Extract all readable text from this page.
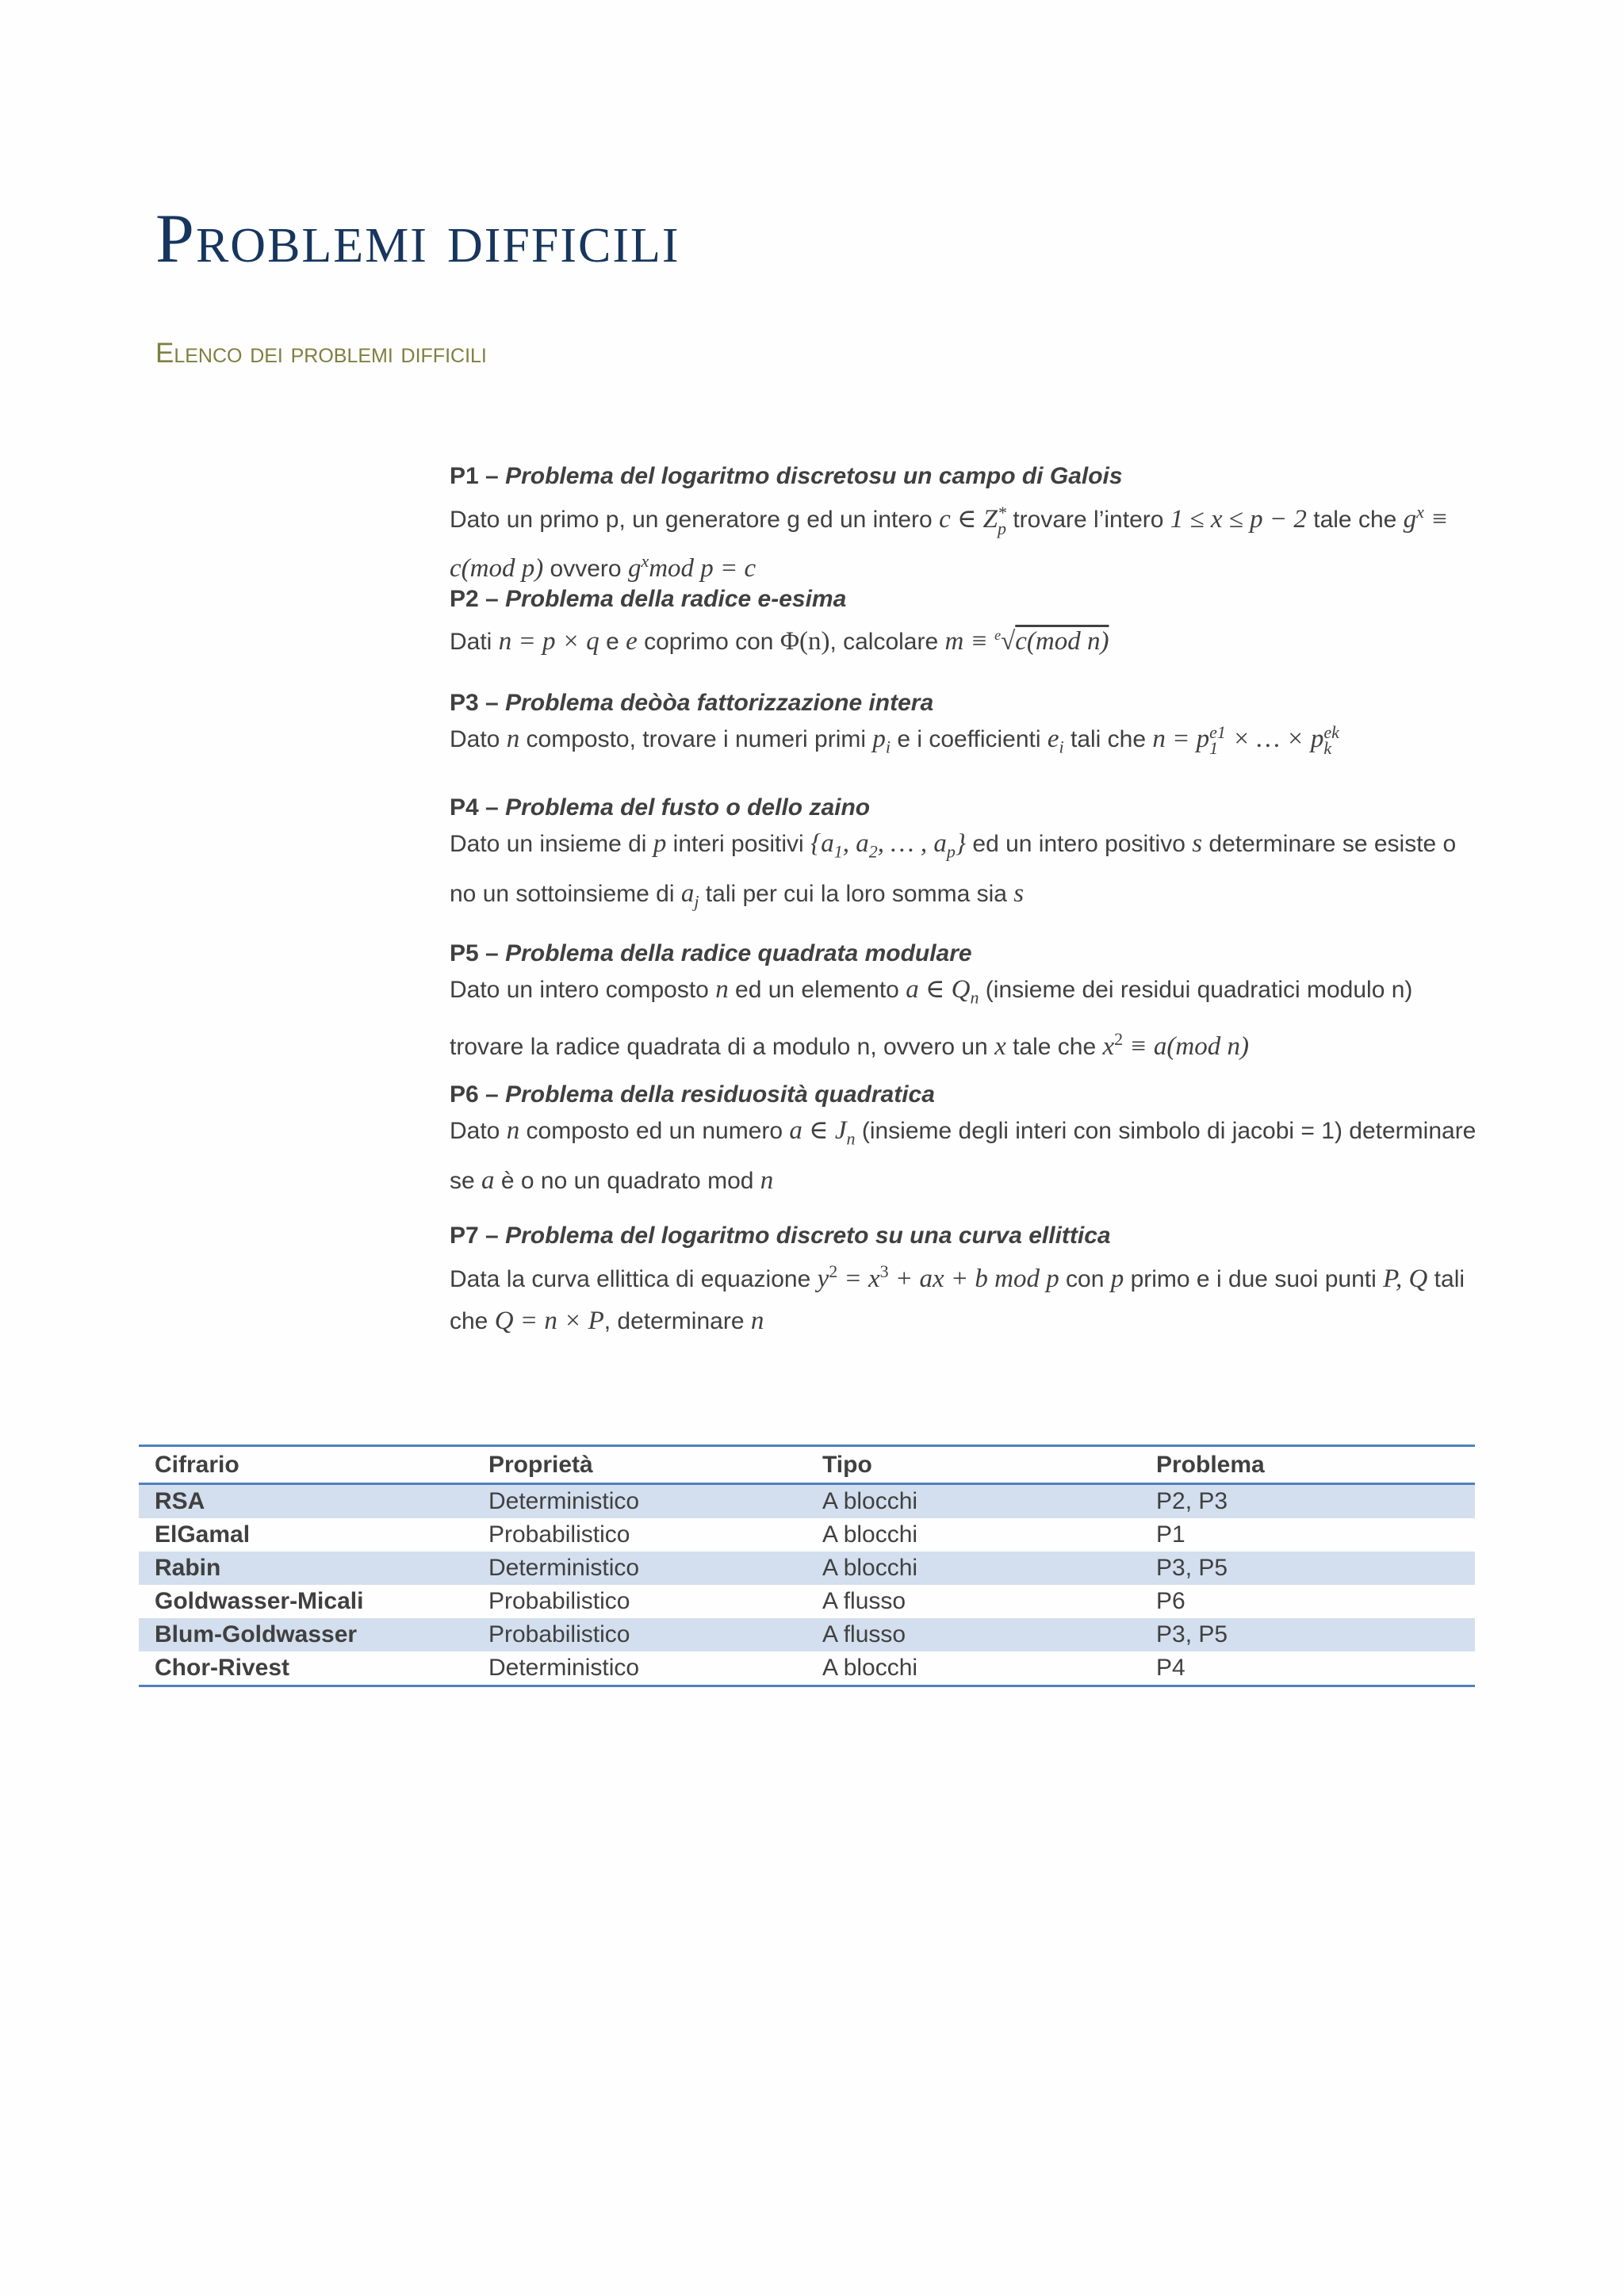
Problemi difficili
Elenco dei problemi difficili
P1 – Problema del logaritmo discretosu un campo di Galois
Dato un primo p, un generatore g ed un intero c ∈ Z *
p trovare l’intero 1 ≤ x ≤ p − 2 tale che $g^x \equiv c(mod$ p) ovvero $g^xmod$ p = c
P2 – Problema della radice e-esima
Dati n = p × q e e coprimo con Φ(n), calcolare m ≡ $^e$√c(mod n)
P3 – Problema deòòa fattorizzazione intera
Dato n composto, trovare i numeri primi $p_i$ e i coefficienti $e_i$ tali che n = p e1
1 × … × p ek
k
P4 – Problema del fusto o dello zaino
Dato un insieme di p interi positivi {$a_1$, $a_2$, … , $a_p$} ed un intero positivo s determinare se esiste o no un sottoinsieme di $a_j$ tali per cui la loro somma sia s
P5 – Problema della radice quadrata modulare
Dato un intero composto n ed un elemento a ∈ $Q_n$ (insieme dei residui quadratici modulo n) trovare la radice quadrata di a modulo n, ovvero un x tale che $x^2 \equiv a(mod$ n)
P6 – Problema della residuosità quadratica
Dato n composto ed un numero a ∈ $J_n$ (insieme degli interi con simbolo di jacobi = 1) determinare se a è o no un quadrato mod n
P7 – Problema del logaritmo discreto su una curva ellittica
Data la curva ellittica di equazione $y^2 = x^3$ + ax + b mod p con p primo e i due suoi punti P, Q tali che Q = n × P, determinare n
Cifrario	Proprietà	Tipo	Problema
RSA	Deterministico	A blocchi	P2, P3
ElGamal	Probabilistico	A blocchi	P1
Rabin	Deterministico	A blocchi	P3, P5
Goldwasser-Micali	Probabilistico	A flusso	P6
Blum-Goldwasser	Probabilistico	A flusso	P3, P5
Chor-Rivest	Deterministico	A blocchi	P4
